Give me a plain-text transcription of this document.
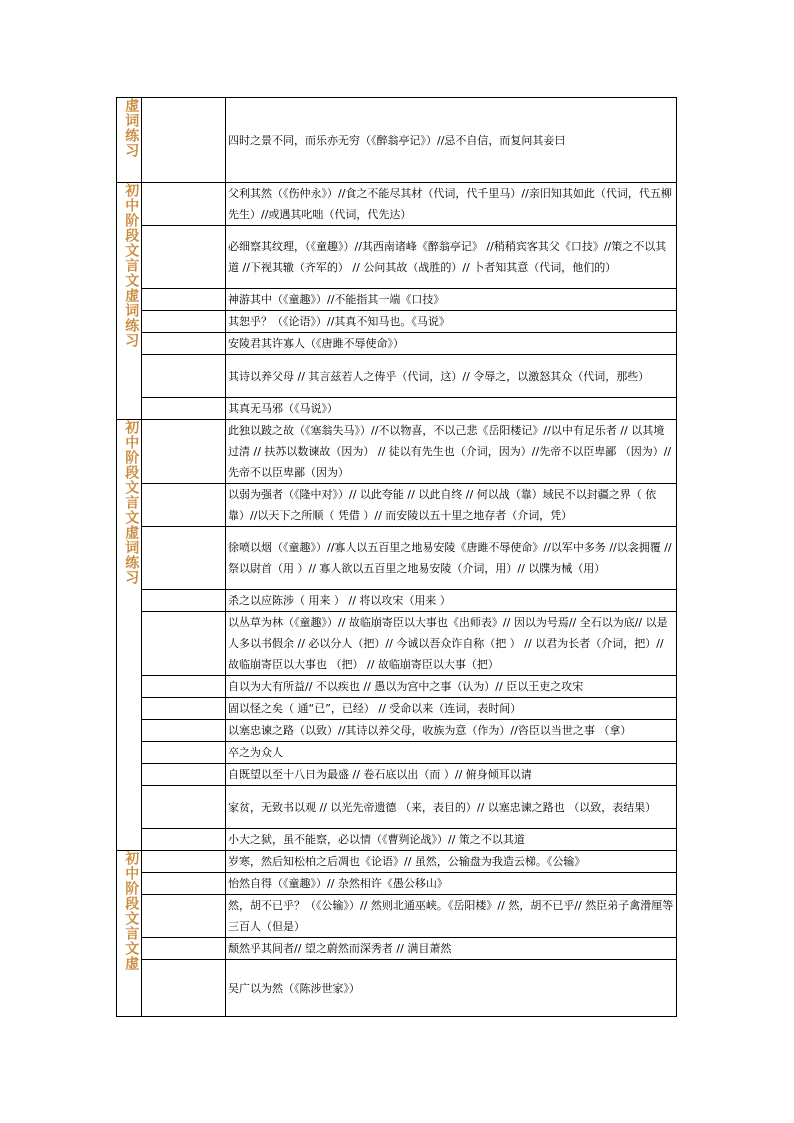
虚词练习		四时之景不同，而乐亦无穷（《醉翁亭记》）//忌不自信，而复问其妾曰

初中阶段文言文虚词练习		父利其然（《伤仲永》）//食之不能尽其材（代词，代千里马）//亲旧知其如此（代词，代五柳先生）//或遇其叱咄（代词，代先达）
		必细察其纹理，（《童趣》）//其西南诸峰《醉翁亭记》 //稍稍宾客其父《口技》//策之不以其道 //下视其辙（齐军的） // 公问其故（战胜的）// 卜者知其意（代词，他们的）
		神游其中（《童趣》）//不能指其一端《口技》
		其恕乎？（《论语》）//其真不知马也。《马说》
		安陵君其许寡人（《唐雎不辱使命》）
		其诗以养父母 // 其言兹若人之俦乎（代词，这）// 令辱之，以激怒其众（代词，那些）
		其真无马邪（《马说》）

初中阶段文言文虚词练习		此独以跛之故（《塞翁失马》）//不以物喜，不以己悲《岳阳楼记》//以中有足乐者 // 以其境过清 // 扶苏以数谏故（因为） // 徒以有先生也（介词，因为）//先帝不以臣卑鄙 （因为）// 先帝不以臣卑鄙（因为）
		以弱为强者（《隆中对》）// 以此夸能 // 以此自终 // 何以战（靠）域民不以封疆之界（ 依靠）//以天下之所顺（ 凭借 ）// 而安陵以五十里之地存者（介词，凭）
		徐喷以烟（《童趣》）//寡人以五百里之地易安陵《唐雎不辱使命》//以军中多务 //以衾拥覆 // 祭以尉首（用 ）// 寡人欲以五百里之地易安陵（介词，用）// 以牒为械（用）
		杀之以应陈涉（ 用来 ） // 将以攻宋（用来 ）
		以丛草为林（《童趣》）// 故临崩寄臣以大事也《出师表》// 因以为号焉// 全石以为底// 以是人多以书假余 // 必以分人（把）// 今诚以吾众诈自称（把 ） // 以君为长者（介词，把）// 故临崩寄臣以大事也 （把） // 故临崩寄臣以大事（把）
		自以为大有所益// 不以疾也 // 愚以为宫中之事（认为）// 臣以王吏之攻宋
		固以怪之矣（ 通“已”，已经） // 受命以来（连词，表时间）
		以塞忠谏之路（以致）//其诗以养父母，收族为意（作为）//咨臣以当世之事 （拿）
		卒之为众人
		自既望以至十八日为最盛 // 卷石底以出（而 ）// 俯身倾耳以请
		家贫，无致书以观 // 以光先帝遗德 （来，表目的）// 以塞忠谏之路也 （以致，表结果）
		小大之狱，虽不能察，必以情（《曹刿论战》）// 策之不以其道

初中阶段文言文虚		岁寒，然后知松柏之后凋也《论语》// 虽然，公输盘为我造云梯。《公输》
		怡然自得（《童趣》）// 杂然相许《愚公移山》
		然，胡不已乎？（《公输》）// 然则北通巫峡。《岳阳楼》// 然，胡不已乎// 然臣弟子禽滑厘等三百人（但是）
		颓然乎其间者// 望之蔚然而深秀者 // 满目萧然
		吴广以为然（《陈涉世家》）
